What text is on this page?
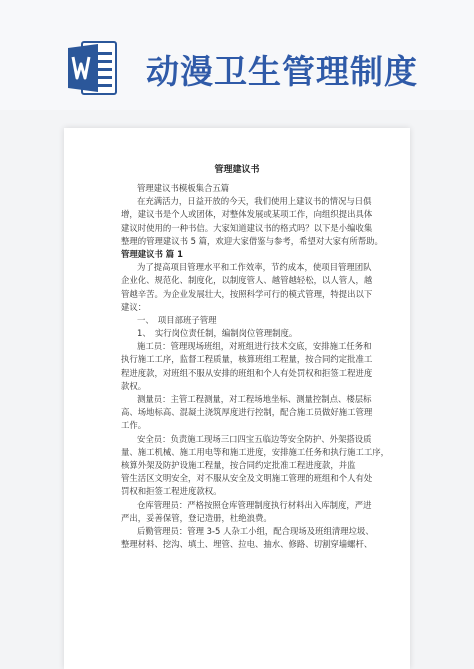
动漫卫生管理制度
管理建议书
管理建议书模板集合五篇
在充满活力，日益开放的今天，我们使用上建议书的情况与日俱
增，建议书是个人或团体，对整体发展或某项工作，向组织提出具体
建议时使用的一种书信。大家知道建议书的格式吗？以下是小编收集
整理的管理建议书 5 篇，欢迎大家借鉴与参考，希望对大家有所帮助。
管理建议书 篇 1
为了提高项目管理水平和工作效率，节约成本，使项目管理团队
企业化、规范化、制度化，以制度管人、越管越轻松，以人管人，越
管越辛苦。为企业发展壮大，按照科学可行的模式管理，特提出以下
建议：
一、　项目部班子管理
1、　实行岗位责任制，编制岗位管理制度。
施工员：管理现场班组，对班组进行技术交底，安排施工任务和
执行施工工序，监督工程质量，核算班组工程量，按合同约定批准工
程进度款，对班组不服从安排的班组和个人有处罚权和拒签工程进度
款权。
测量员：主管工程测量，对工程场地坐标、测量控制点、楼层标
高、场地标高、混凝土浇筑厚度进行控制，配合施工员做好施工管理
工作。
安全员：负责施工现场三口四宝五临边等安全防护、外架搭设质
量、施工机械、施工用电等和施工进度，安排施工任务和执行施工工序，
核算外架及防护设施工程量，按合同约定批准工程进度款，并监
管生活区文明安全，对不服从安全及文明施工管理的班组和个人有处
罚权和拒签工程进度款权。
仓库管理员：严格按照仓库管理制度执行材料出入库制度，严进
严出，妥善保管，登记造册，杜绝浪费。
后勤管理员：管理 3-5 人杂工小组，配合现场及班组清理垃圾、
整理材料、挖沟、填土、埋管、拉电、抽水、修路、切割穿墙螺杆、
